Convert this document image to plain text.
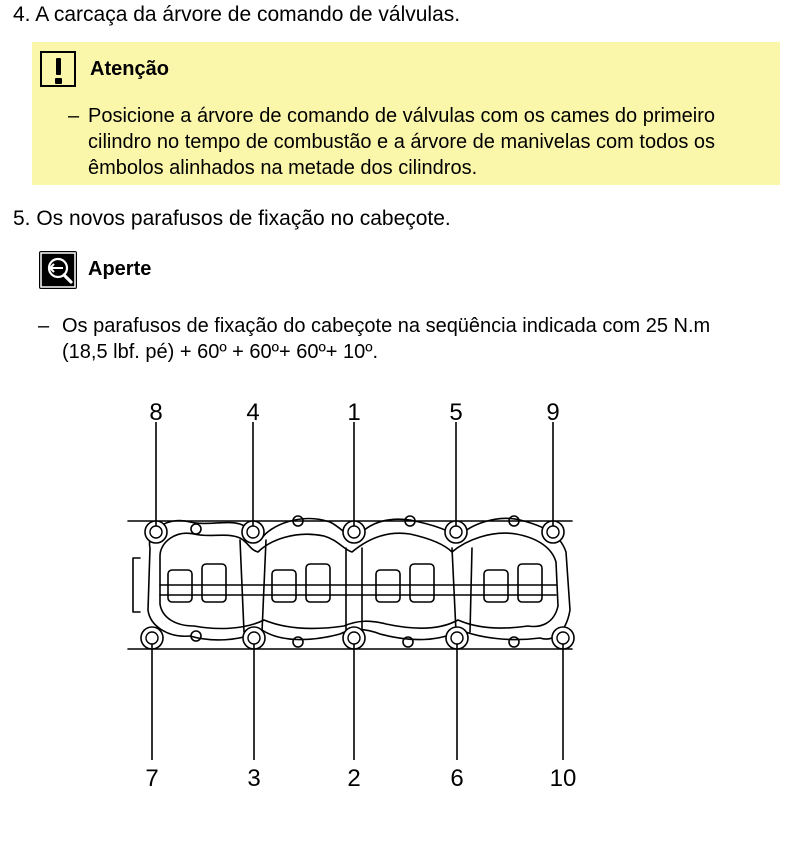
4. A carcaça da árvore de comando de válvulas.
Atenção
– Posicione a árvore de comando de válvulas com os cames do primeiro cilindro no tempo de combustão e a árvore de manivelas com todos os êmbolos alinhados na metade dos cilindros.
5. Os novos parafusos de fixação no cabeçote.
Aperte
– Os parafusos de fixação do cabeçote na seqüência indicada com 25 N.m
(18,5 lbf. pé) + 60º + 60º+ 60º+ 10º.
8	4	1	5	9
7	3	2	6	10
